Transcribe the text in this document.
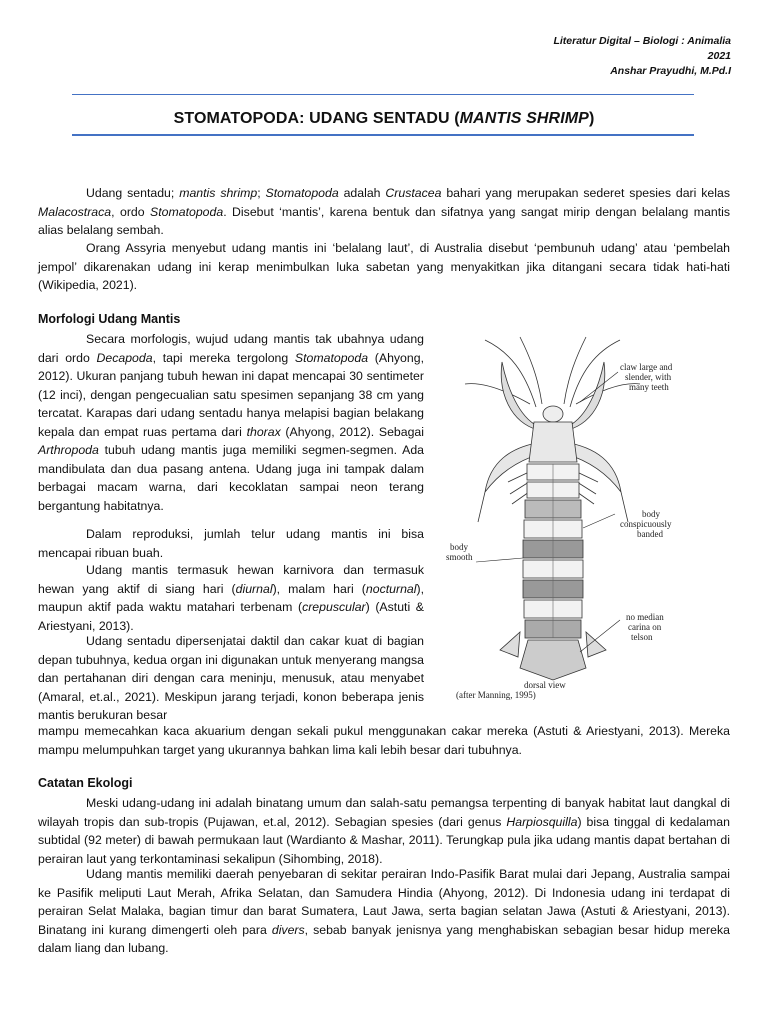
Literatur Digital – Biologi : Animalia
2021
Anshar Prayudhi, M.Pd.I
STOMATOPODA: UDANG SENTADU (MANTIS SHRIMP)

Udang sentadu; mantis shrimp; Stomatopoda adalah Crustacea bahari yang merupakan sederet spesies dari kelas Malacostraca, ordo Stomatopoda. Disebut ‘mantis’, karena bentuk dan sifatnya yang sangat mirip dengan belalang mantis alias belalang sembah.

Orang Assyria menyebut udang mantis ini ‘belalang laut’, di Australia disebut ‘pembunuh udang’ atau ‘pembelah jempol’ dikarenakan udang ini kerap menimbulkan luka sabetan yang menyakitkan jika ditangani secara tidak hati-hati (Wikipedia, 2021).

Morfologi Udang Mantis

Secara morfologis, wujud udang mantis tak ubahnya udang dari ordo Decapoda, tapi mereka tergolong Stomatopoda (Ahyong, 2012). Ukuran panjang tubuh hewan ini dapat mencapai 30 sentimeter (12 inci), dengan pengecualian satu spesimen sepanjang 38 cm yang tercatat. Karapas dari udang sentadu hanya melapisi bagian belakang kepala dan empat ruas pertama dari thorax (Ahyong, 2012). Sebagai Arthropoda tubuh udang mantis juga memiliki segmen-segmen. Ada mandibulata dan dua pasang antena. Udang juga ini tampak dalam berbagai macam warna, dari kecoklatan sampai neon terang bergantung habitatnya.

Dalam reproduksi, jumlah telur udang mantis ini bisa mencapai ribuan buah.

Udang mantis termasuk hewan karnivora dan termasuk hewan yang aktif di siang hari (diurnal), malam hari (nocturnal), maupun aktif pada waktu matahari terbenam (crepuscular) (Astuti & Ariestyani, 2013).

Udang sentadu dipersenjatai daktil dan cakar kuat di bagian depan tubuhnya, kedua organ ini digunakan untuk menyerang mangsa dan pertahanan diri dengan cara meninju, menusuk, atau menyabet (Amaral, et.al., 2021). Meskipun jarang terjadi, konon beberapa jenis mantis berukuran besar

mampu memecahkan kaca akuarium dengan sekali pukul menggunakan cakar mereka (Astuti & Ariestyani, 2013). Mereka mampu melumpuhkan target yang ukurannya bahkan lima kali lebih besar dari tubuhnya.

claw large and slender, with many teeth
body conspicuously banded
body smooth
no median carina on telson
dorsal view
(after Manning, 1995)

Catatan Ekologi

Meski udang-udang ini adalah binatang umum dan salah-satu pemangsa terpenting di banyak habitat laut dangkal di wilayah tropis dan sub-tropis (Pujawan, et.al, 2012). Sebagian spesies (dari genus Harpiosquilla) bisa tinggal di kedalaman subtidal (92 meter) di bawah permukaan laut (Wardianto & Mashar, 2011). Terungkap pula jika udang mantis dapat bertahan di perairan laut yang terkontaminasi sekalipun (Sihombing, 2018).

Udang mantis memiliki daerah penyebaran di sekitar perairan Indo-Pasifik Barat mulai dari Jepang, Australia sampai ke Pasifik meliputi Laut Merah, Afrika Selatan, dan Samudera Hindia (Ahyong, 2012). Di Indonesia udang ini terdapat di perairan Selat Malaka, bagian timur dan barat Sumatera, Laut Jawa, serta bagian selatan Jawa (Astuti & Ariestyani, 2013). Binatang ini kurang dimengerti oleh para divers, sebab banyak jenisnya yang menghabiskan sebagian besar hidup mereka dalam liang dan lubang.
